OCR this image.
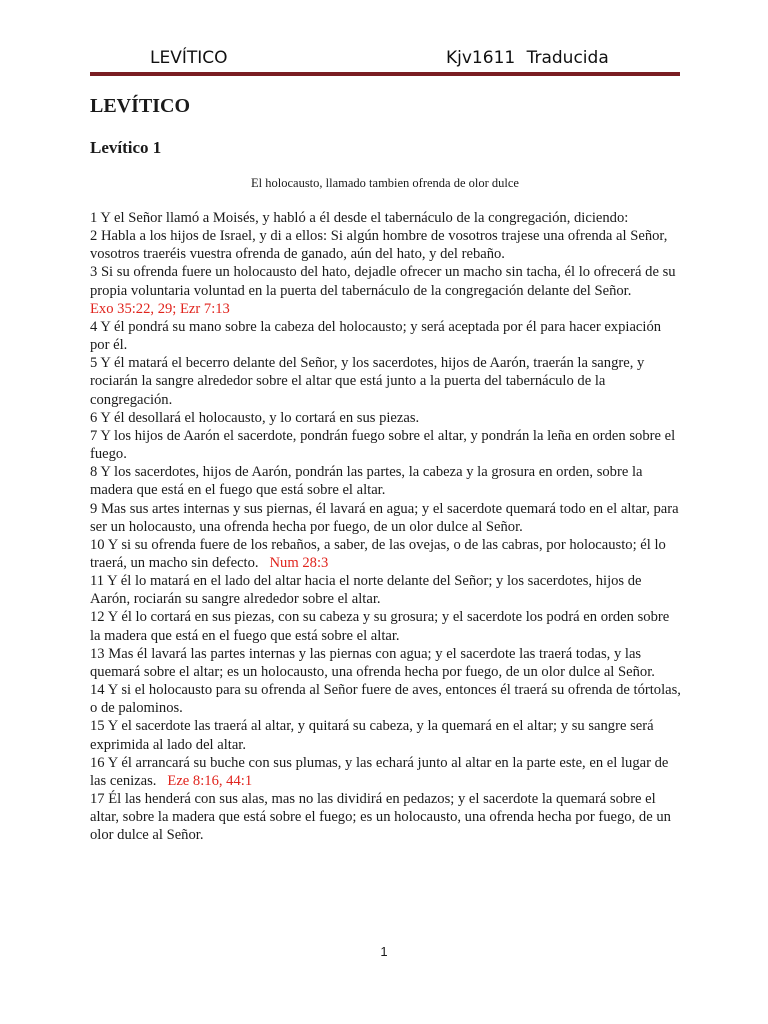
LEVÍTICO	Kjv1611 Traducida
LEVÍTICO
Levítico 1
El holocausto, llamado tambien ofrenda de olor dulce

1 Y el Señor llamó a Moisés, y habló a él desde el tabernáculo de la congregación, diciendo:

2 Habla a los hijos de Israel, y di a ellos: Si algún hombre de vosotros trajese una ofrenda al Señor, vosotros traeréis vuestra ofrenda de ganado, aún del hato, y del rebaño.

3 Si su ofrenda fuere un holocausto del hato, dejadle ofrecer un macho sin tacha, él lo ofrecerá de su propia voluntaria voluntad en la puerta del tabernáculo de la congregación delante del Señor.
Exo 35:22, 29; Ezr 7:13

4 Y él pondrá su mano sobre la cabeza del holocausto; y será aceptada por él para hacer expiación por él.

5 Y él matará el becerro delante del Señor, y los sacerdotes, hijos de Aarón, traerán la sangre, y rociarán la sangre alrededor sobre el altar que está junto a la puerta del tabernáculo de la congregación.

6 Y él desollará el holocausto, y lo cortará en sus piezas.

7 Y los hijos de Aarón el sacerdote, pondrán fuego sobre el altar, y pondrán la leña en orden sobre el fuego.

8 Y los sacerdotes, hijos de Aarón, pondrán las partes, la cabeza y la grosura en orden, sobre la madera que está en el fuego que está sobre el altar.

9 Mas sus artes internas y sus piernas, él lavará en agua; y el sacerdote quemará todo en el altar, para ser un holocausto, una ofrenda hecha por fuego, de un olor dulce al Señor.

10 Y si su ofrenda fuere de los rebaños, a saber, de las ovejas, o de las cabras, por holocausto; él lo traerá, un macho sin defecto. Num 28:3

11 Y él lo matará en el lado del altar hacia el norte delante del Señor; y los sacerdotes, hijos de Aarón, rociarán su sangre alrededor sobre el altar.

12 Y él lo cortará en sus piezas, con su cabeza y su grosura; y el sacerdote los podrá en orden sobre la madera que está en el fuego que está sobre el altar.

13 Mas él lavará las partes internas y las piernas con agua; y el sacerdote las traerá todas, y las quemará sobre el altar; es un holocausto, una ofrenda hecha por fuego, de un olor dulce al Señor.

14 Y si el holocausto para su ofrenda al Señor fuere de aves, entonces él traerá su ofrenda de tórtolas, o de palominos.

15 Y el sacerdote las traerá al altar, y quitará su cabeza, y la quemará en el altar; y su sangre será exprimida al lado del altar.

16 Y él arrancará su buche con sus plumas, y las echará junto al altar en la parte este, en el lugar de las cenizas. Eze 8:16, 44:1

17 Él las henderá con sus alas, mas no las dividirá en pedazos; y el sacerdote la quemará sobre el altar, sobre la madera que está sobre el fuego; es un holocausto, una ofrenda hecha por fuego, de un olor dulce al Señor.

1
